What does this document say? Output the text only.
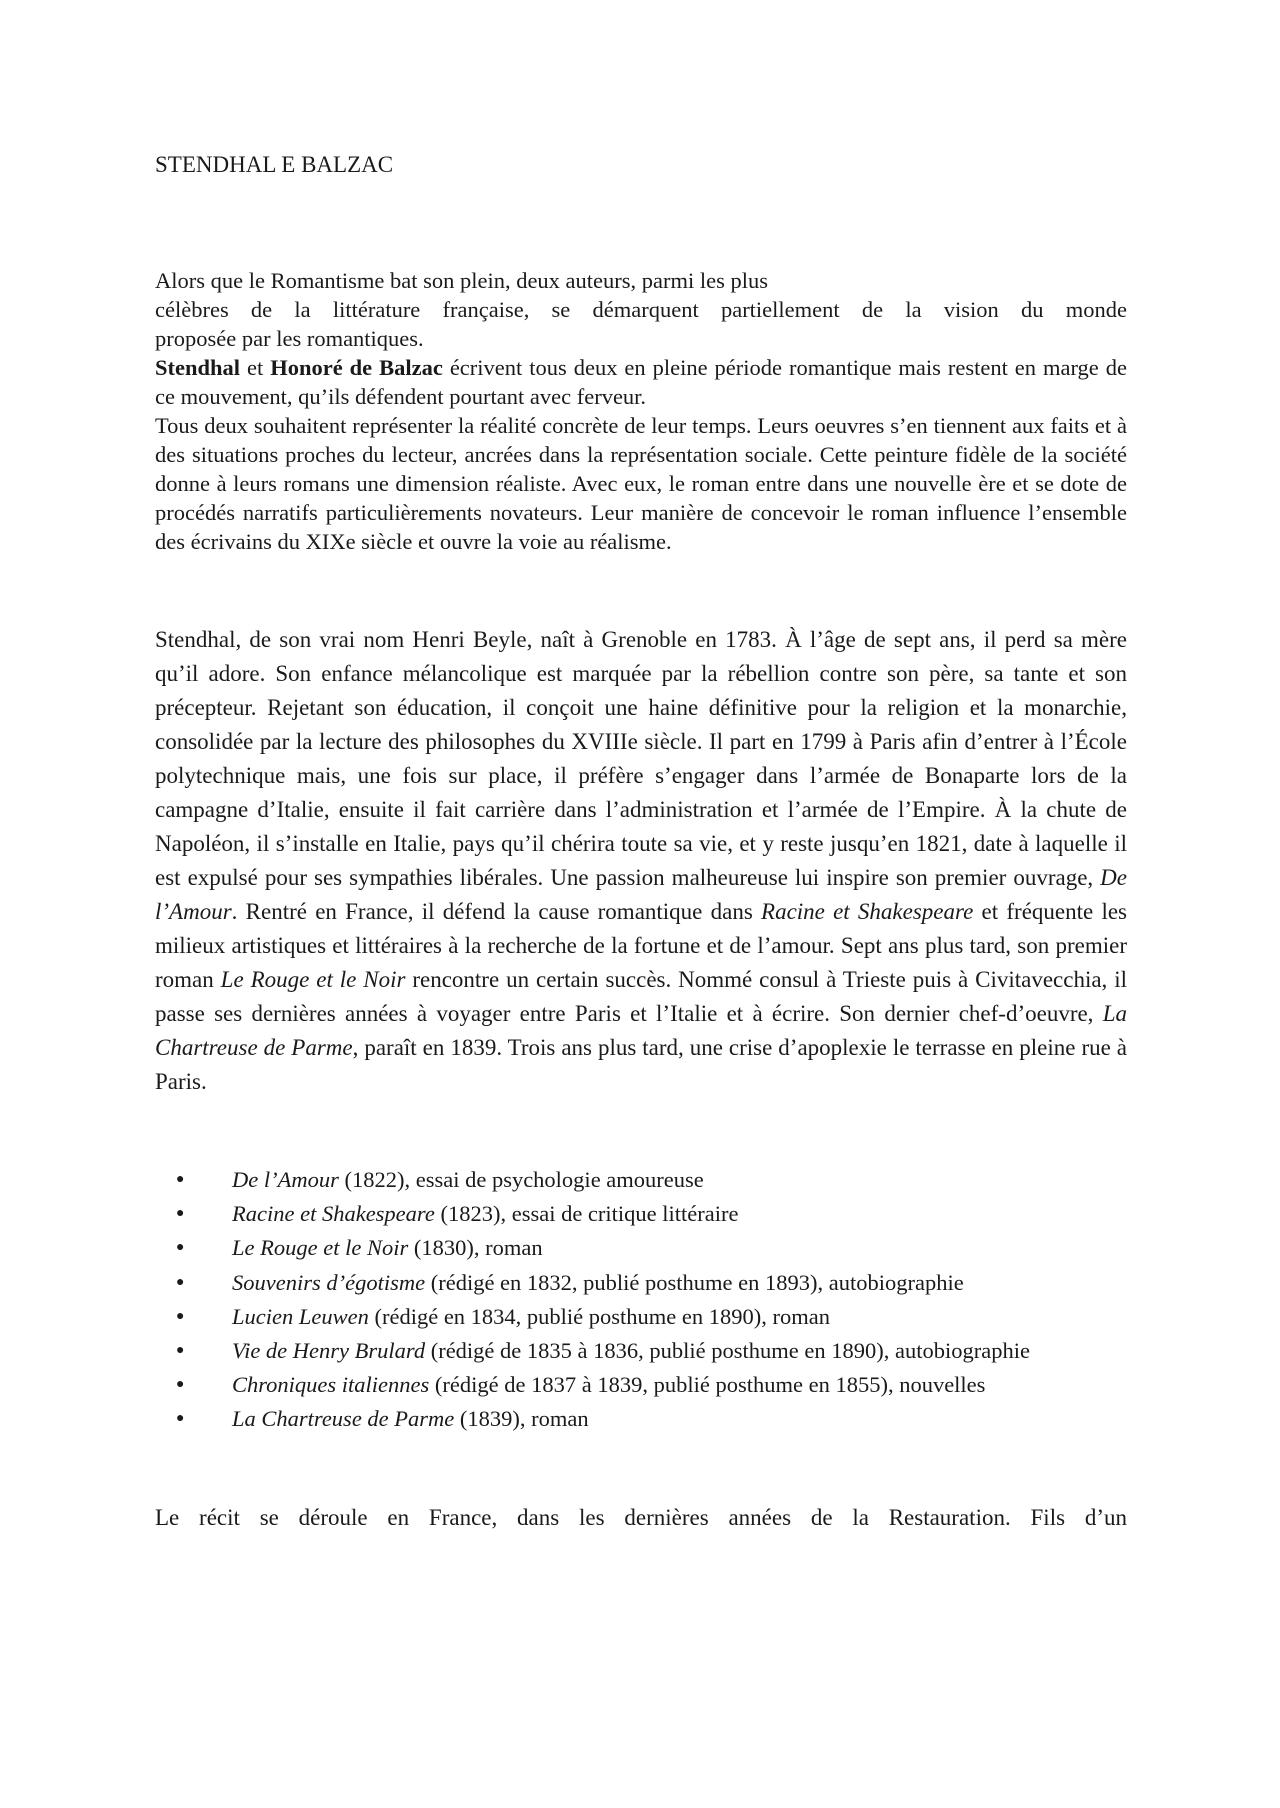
STENDHAL E BALZAC

Alors que le Romantisme bat son plein, deux auteurs, parmi les plus

célèbres de la littérature française, se démarquent partiellement de la vision du monde

proposée par les romantiques.

Stendhal et Honoré de Balzac écrivent tous deux en pleine période romantique mais restent en marge de ce mouvement, qu’ils défendent pourtant avec ferveur.

Tous deux souhaitent représenter la réalité concrète de leur temps. Leurs oeuvres s’en tiennent aux faits et à des situations proches du lecteur, ancrées dans la représentation sociale. Cette peinture fidèle de la société donne à leurs romans une dimension réaliste. Avec eux, le roman entre dans une nouvelle ère et se dote de procédés narratifs particulièrements novateurs. Leur manière de concevoir le roman influence l’ensemble des écrivains du XIXe siècle et ouvre la voie au réalisme.

Stendhal, de son vrai nom Henri Beyle, naît à Grenoble en 1783. À l’âge de sept ans, il perd sa mère qu’il adore. Son enfance mélancolique est marquée par la rébellion contre son père, sa tante et son précepteur. Rejetant son éducation, il conçoit une haine définitive pour la religion et la monarchie, consolidée par la lecture des philosophes du XVIIIe siècle. Il part en 1799 à Paris afin d’entrer à l’École polytechnique mais, une fois sur place, il préfère s’engager dans l’armée de Bonaparte lors de la campagne d’Italie, ensuite il fait carrière dans l’administration et l’armée de l’Empire. À la chute de Napoléon, il s’installe en Italie, pays qu’il chérira toute sa vie, et y reste jusqu’en 1821, date à laquelle il est expulsé pour ses sympathies libérales. Une passion malheureuse lui inspire son premier ouvrage, De l’Amour. Rentré en France, il défend la cause romantique dans Racine et Shakespeare et fréquente les milieux artistiques et littéraires à la recherche de la fortune et de l’amour. Sept ans plus tard, son premier roman Le Rouge et le Noir rencontre un certain succès. Nommé consul à Trieste puis à Civitavecchia, il passe ses dernières années à voyager entre Paris et l’Italie et à écrire. Son dernier chef-d’oeuvre, La Chartreuse de Parme, paraît en 1839. Trois ans plus tard, une crise d’apoplexie le terrasse en pleine rue à Paris.

● De l’Amour (1822), essai de psychologie amoureuse
● Racine et Shakespeare (1823), essai de critique littéraire
● Le Rouge et le Noir (1830), roman
● Souvenirs d’égotisme (rédigé en 1832, publié posthume en 1893), autobiographie
● Lucien Leuwen (rédigé en 1834, publié posthume en 1890), roman
● Vie de Henry Brulard (rédigé de 1835 à 1836, publié posthume en 1890), autobiographie
● Chroniques italiennes (rédigé de 1837 à 1839, publié posthume en 1855), nouvelles
● La Chartreuse de Parme (1839), roman

Le récit se déroule en France, dans les dernières années de la Restauration. Fils d’un
